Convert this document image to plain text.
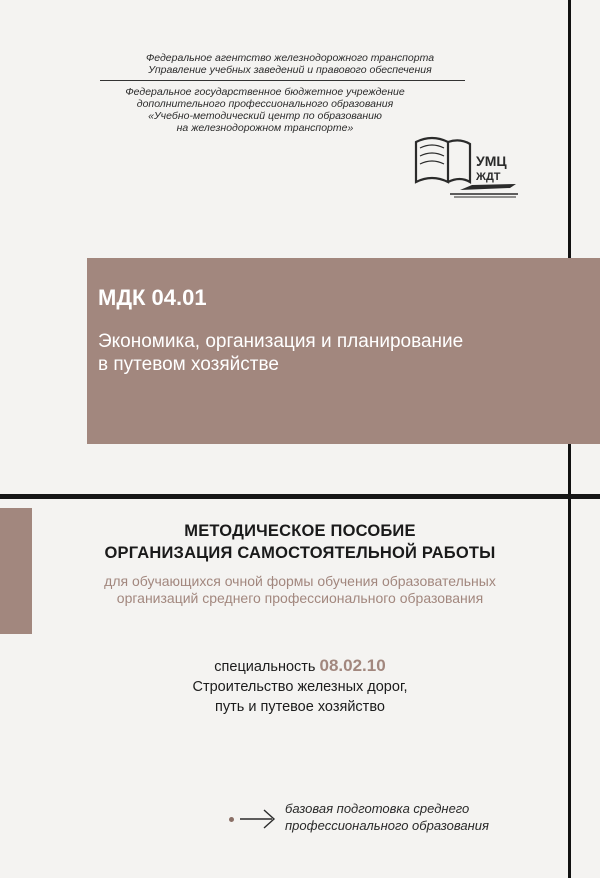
Федеральное агентство железнодорожного транспорта
Управление учебных заведений и правового обеспечения
Федеральное государственное бюджетное учреждение
дополнительного профессионального образования
«Учебно-методический центр по образованию
на железнодорожном транспорте»
УМЦ
ЖДТ
МДК 04.01
Экономика, организация и планирование
в путевом хозяйстве
МЕТОДИЧЕСКОЕ ПОСОБИЕ
ОРГАНИЗАЦИЯ САМОСТОЯТЕЛЬНОЙ РАБОТЫ
для обучающихся очной формы обучения образовательных
организаций среднего профессионального образования
специальность 08.02.10
Строительство железных дорог,
путь и путевое хозяйство
базовая подготовка среднего
профессионального образования
